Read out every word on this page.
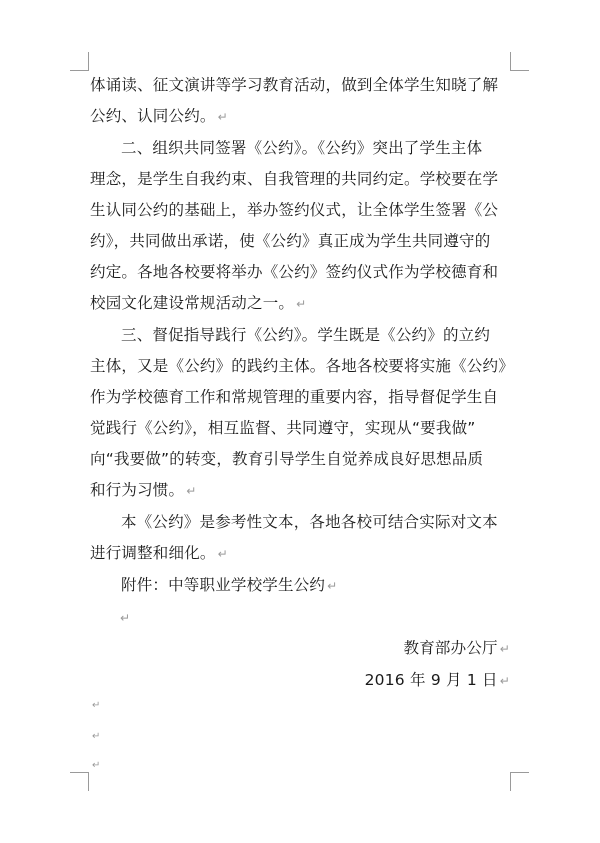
体诵读、征文演讲等学习教育活动，做到全体学生知晓了解
公约、认同公约。 ↵

二、组织共同签署《公约》。《公约》突出了学生主体
理念，是学生自我约束、自我管理的共同约定。学校要在学
生认同公约的基础上，举办签约仪式，让全体学生签署《公
约》，共同做出承诺，使《公约》真正成为学生共同遵守的
约定。各地各校要将举办《公约》签约仪式作为学校德育和
校园文化建设常规活动之一。 ↵

三、督促指导践行《公约》。学生既是《公约》的立约
主体，又是《公约》的践约主体。各地各校要将实施《公约》
作为学校德育工作和常规管理的重要内容，指导督促学生自
觉践行《公约》，相互监督、共同遵守，实现从“要我做”
向“我要做”的转变，教育引导学生自觉养成良好思想品质
和行为习惯。 ↵

本《公约》是参考性文本，各地各校可结合实际对文本
进行调整和细化。 ↵

附件：中等职业学校学生公约 ↵

↵

教育部办公厅 ↵

2016 年 9 月 1 日 ↵

↵
↵
↵
